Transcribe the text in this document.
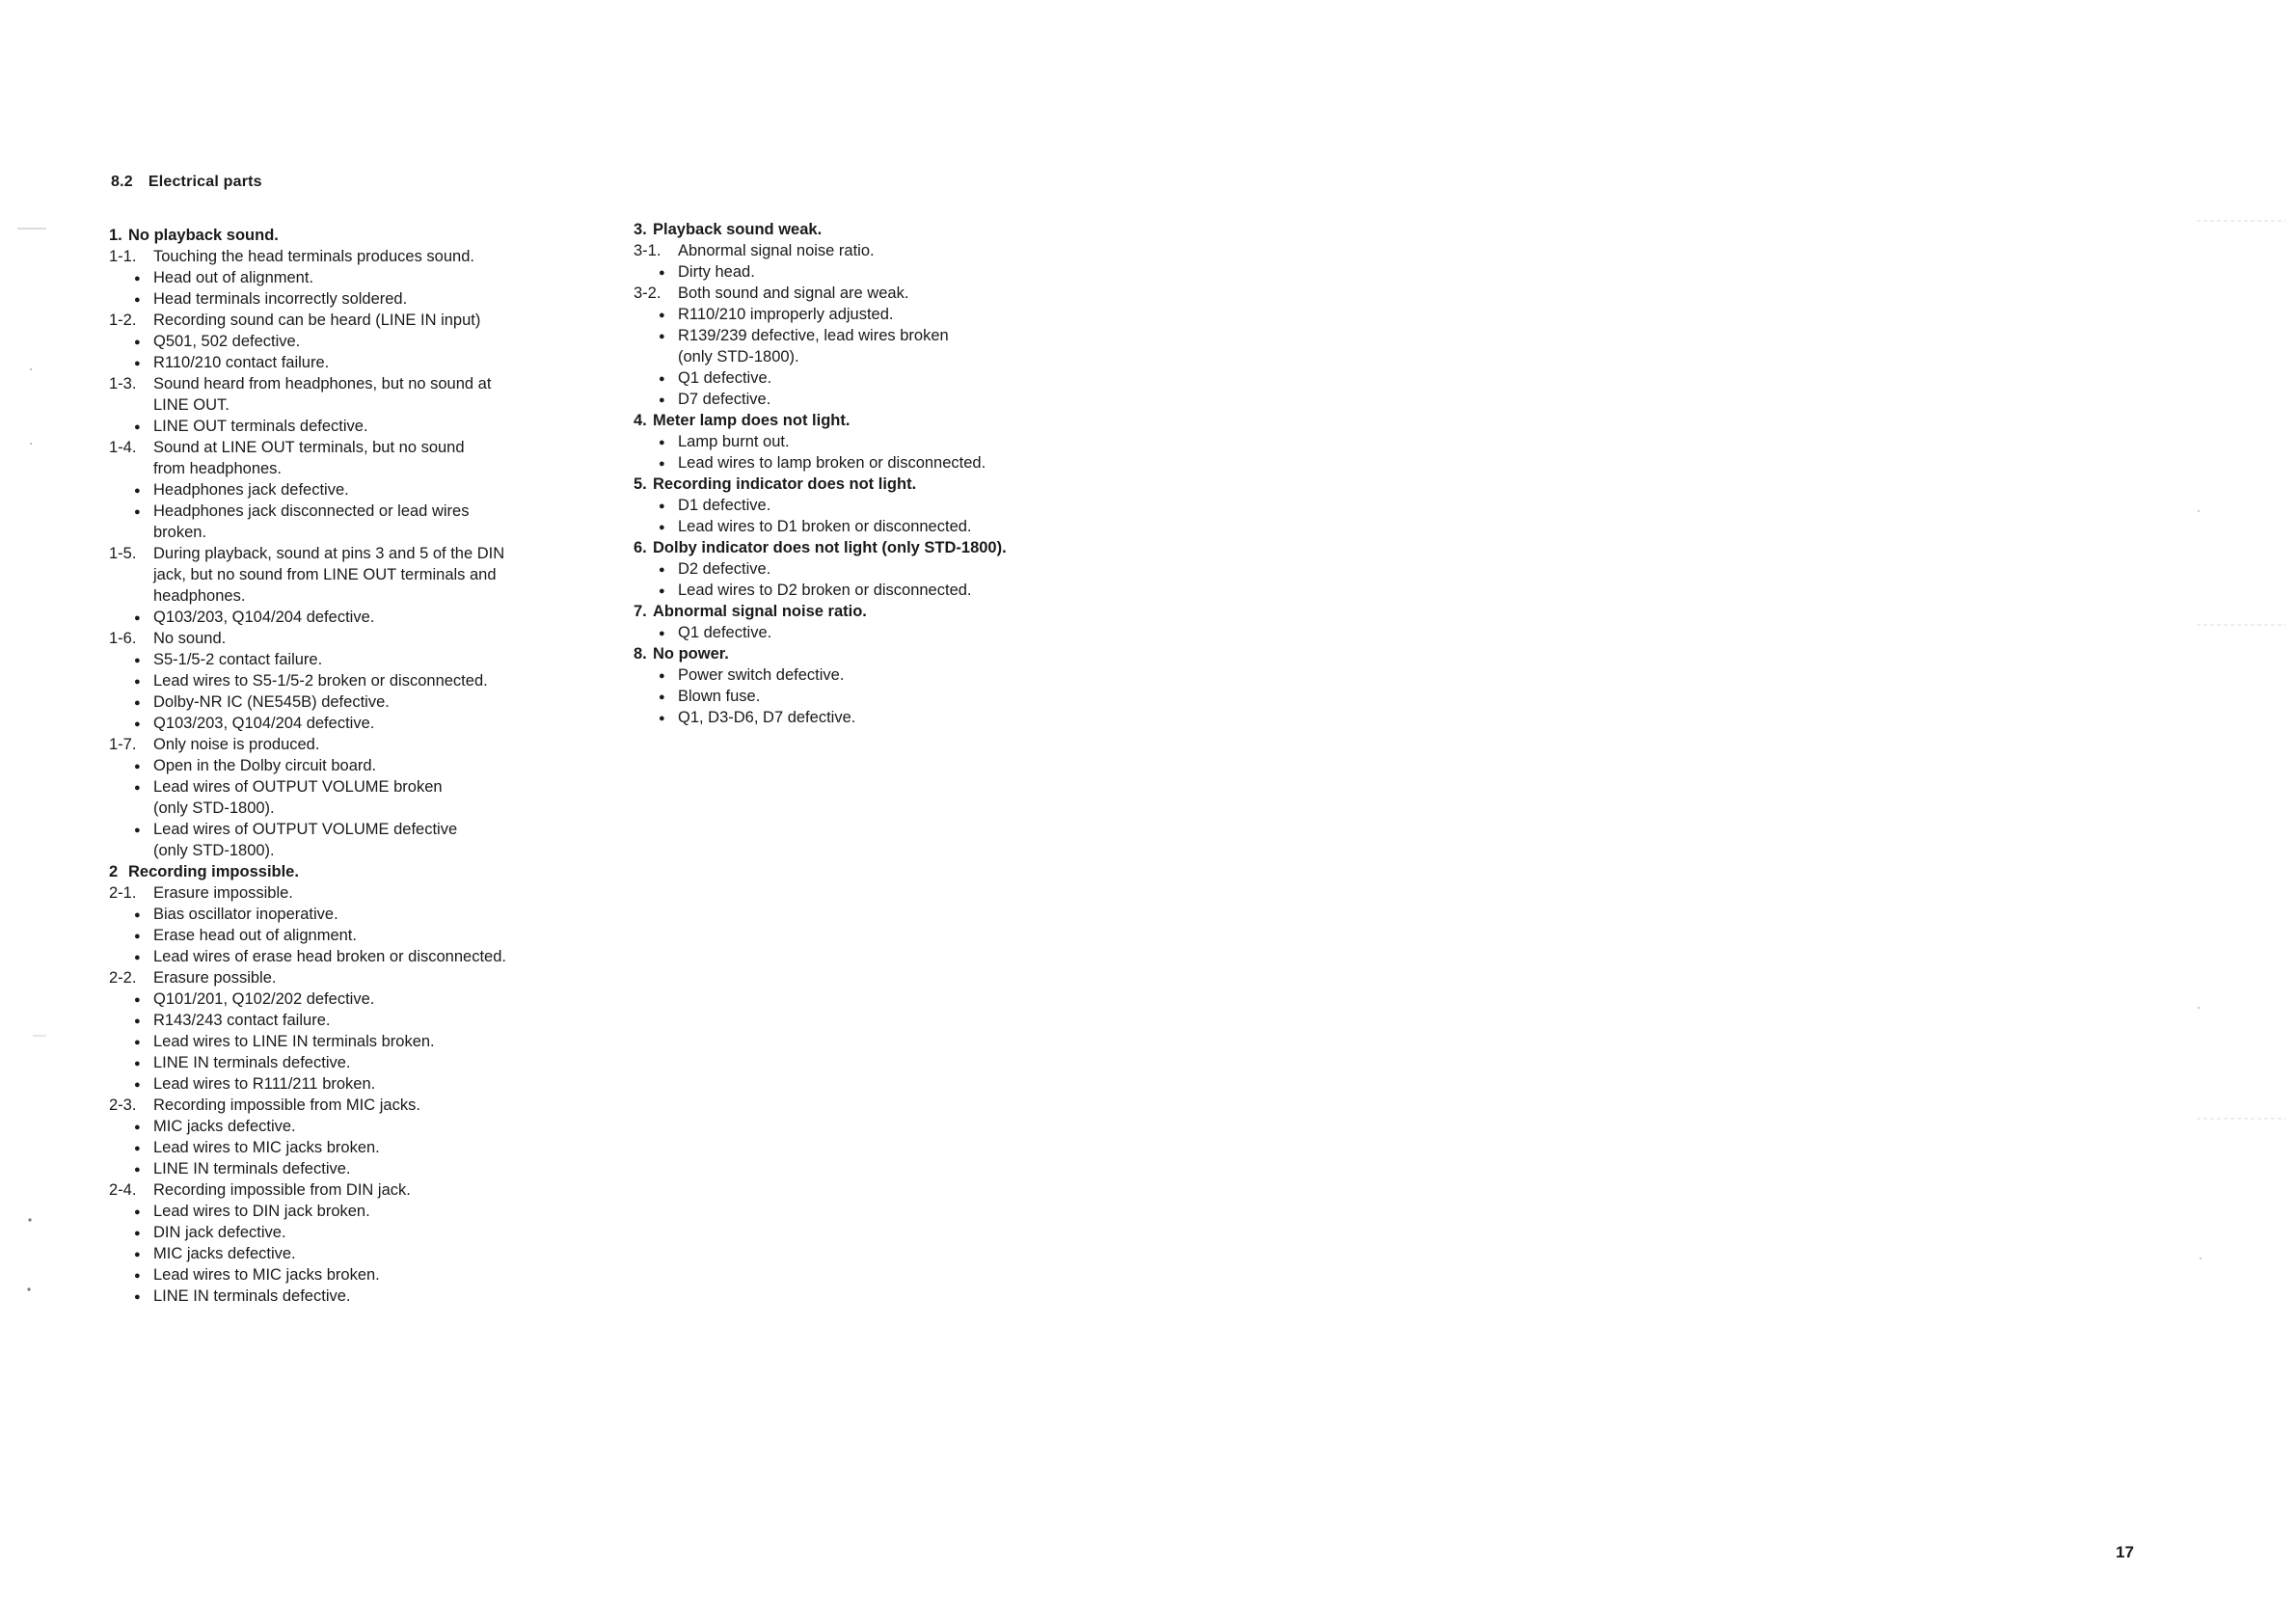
8.2 Electrical parts
1. No playback sound.
1-1. Touching the head terminals produces sound.
● Head out of alignment.
● Head terminals incorrectly soldered.
1-2. Recording sound can be heard (LINE IN input)
● Q501, 502 defective.
● R110/210 contact failure.
1-3. Sound heard from headphones, but no sound at
LINE OUT.
● LINE OUT terminals defective.
1-4. Sound at LINE OUT terminals, but no sound
from headphones.
● Headphones jack defective.
● Headphones jack disconnected or lead wires
broken.
1-5. During playback, sound at pins 3 and 5 of the DIN
jack, but no sound from LINE OUT terminals and
headphones.
● Q103/203, Q104/204 defective.
1-6. No sound.
● S5-1/5-2 contact failure.
● Lead wires to S5-1/5-2 broken or disconnected.
● Dolby-NR IC (NE545B) defective.
● Q103/203, Q104/204 defective.
1-7. Only noise is produced.
● Open in the Dolby circuit board.
● Lead wires of OUTPUT VOLUME broken
(only STD-1800).
● Lead wires of OUTPUT VOLUME defective
(only STD-1800).
2 Recording impossible.
2-1. Erasure impossible.
● Bias oscillator inoperative.
● Erase head out of alignment.
● Lead wires of erase head broken or disconnected.
2-2. Erasure possible.
● Q101/201, Q102/202 defective.
● R143/243 contact failure.
● Lead wires to LINE IN terminals broken.
● LINE IN terminals defective.
● Lead wires to R111/211 broken.
2-3. Recording impossible from MIC jacks.
● MIC jacks defective.
● Lead wires to MIC jacks broken.
● LINE IN terminals defective.
2-4. Recording impossible from DIN jack.
● Lead wires to DIN jack broken.
● DIN jack defective.
● MIC jacks defective.
● Lead wires to MIC jacks broken.
● LINE IN terminals defective.
3. Playback sound weak.
3-1. Abnormal signal noise ratio.
● Dirty head.
3-2. Both sound and signal are weak.
● R110/210 improperly adjusted.
● R139/239 defective, lead wires broken
(only STD-1800).
● Q1 defective.
● D7 defective.
4. Meter lamp does not light.
● Lamp burnt out.
● Lead wires to lamp broken or disconnected.
5. Recording indicator does not light.
● D1 defective.
● Lead wires to D1 broken or disconnected.
6. Dolby indicator does not light (only STD-1800).
● D2 defective.
● Lead wires to D2 broken or disconnected.
7. Abnormal signal noise ratio.
● Q1 defective.
8. No power.
● Power switch defective.
● Blown fuse.
● Q1, D3-D6, D7 defective.
17
